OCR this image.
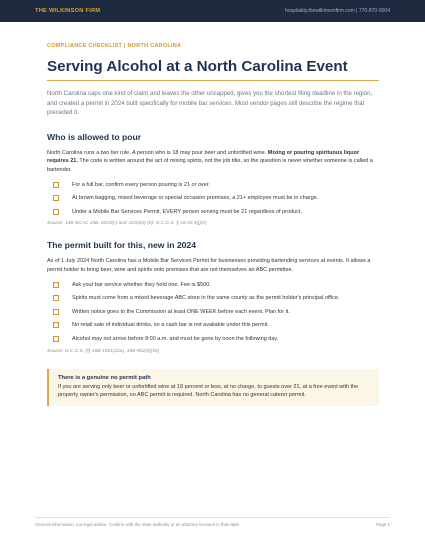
THE WILKINSON FIRM	hospitality.thewilkinsonfirm.com | 770-870-9004
COMPLIANCE CHECKLIST | NORTH CAROLINA
Serving Alcohol at a North Carolina Event

North Carolina caps one kind of claim and leaves the other uncapped, gives you the shortest filing deadline in the region, and created a permit in 2024 built specifically for mobile bar services. Most vendor pages still describe the regime that preceded it.

Who is allowed to pour

North Carolina runs a two tier rule. A person who is 18 may pour beer and unfortified wine. Mixing or pouring spirituous liquor requires 21. The code is written around the act of mixing spirits, not the job title, so the question is never whether someone is called a bartender.

For a full bar, confirm every person pouring is 21 or over.
At brown bagging, mixed beverage or special occasion premises, a 21+ employee must be in charge.
Under a Mobile Bar Services Permit, EVERY person serving must be 21 regardless of product.
Source: 14B NCAC 15B .0203(c) and .0203(a)-(b); N.C.G.S. § 18-25.5(j)(2)
The permit built for this, new in 2024

As of 1 July 2024 North Carolina has a Mobile Bar Services Permit for businesses providing bartending services at events. It allows a permit holder to bring beer, wine and spirits onto premises that are not themselves an ABC permittee.

Ask your bar service whether they hold one. Fee is $500.
Spirits must come from a mixed beverage ABC store in the same county as the permit holder's principal office.
Written notice goes to the Commission at least ONE WEEK before each event. Plan for it.
No retail sale of individual drinks, so a cash bar is not available under this permit.
Alcohol may not arrive before 8:00 a.m. and must be gone by noon the following day.
Source: N.C.G.S. §§ 18B-1001(12a), 18B-902(d)(55)
There is a genuine no permit path
If you are serving only beer or unfortified wine at 18 percent or less, at no charge, to guests over 21, at a free event with the property owner's permission, no ABC permit is required. North Carolina has no general caterer permit.
General information, not legal advice. Confirm with the state authority or an attorney licensed in that state.	Page 1
